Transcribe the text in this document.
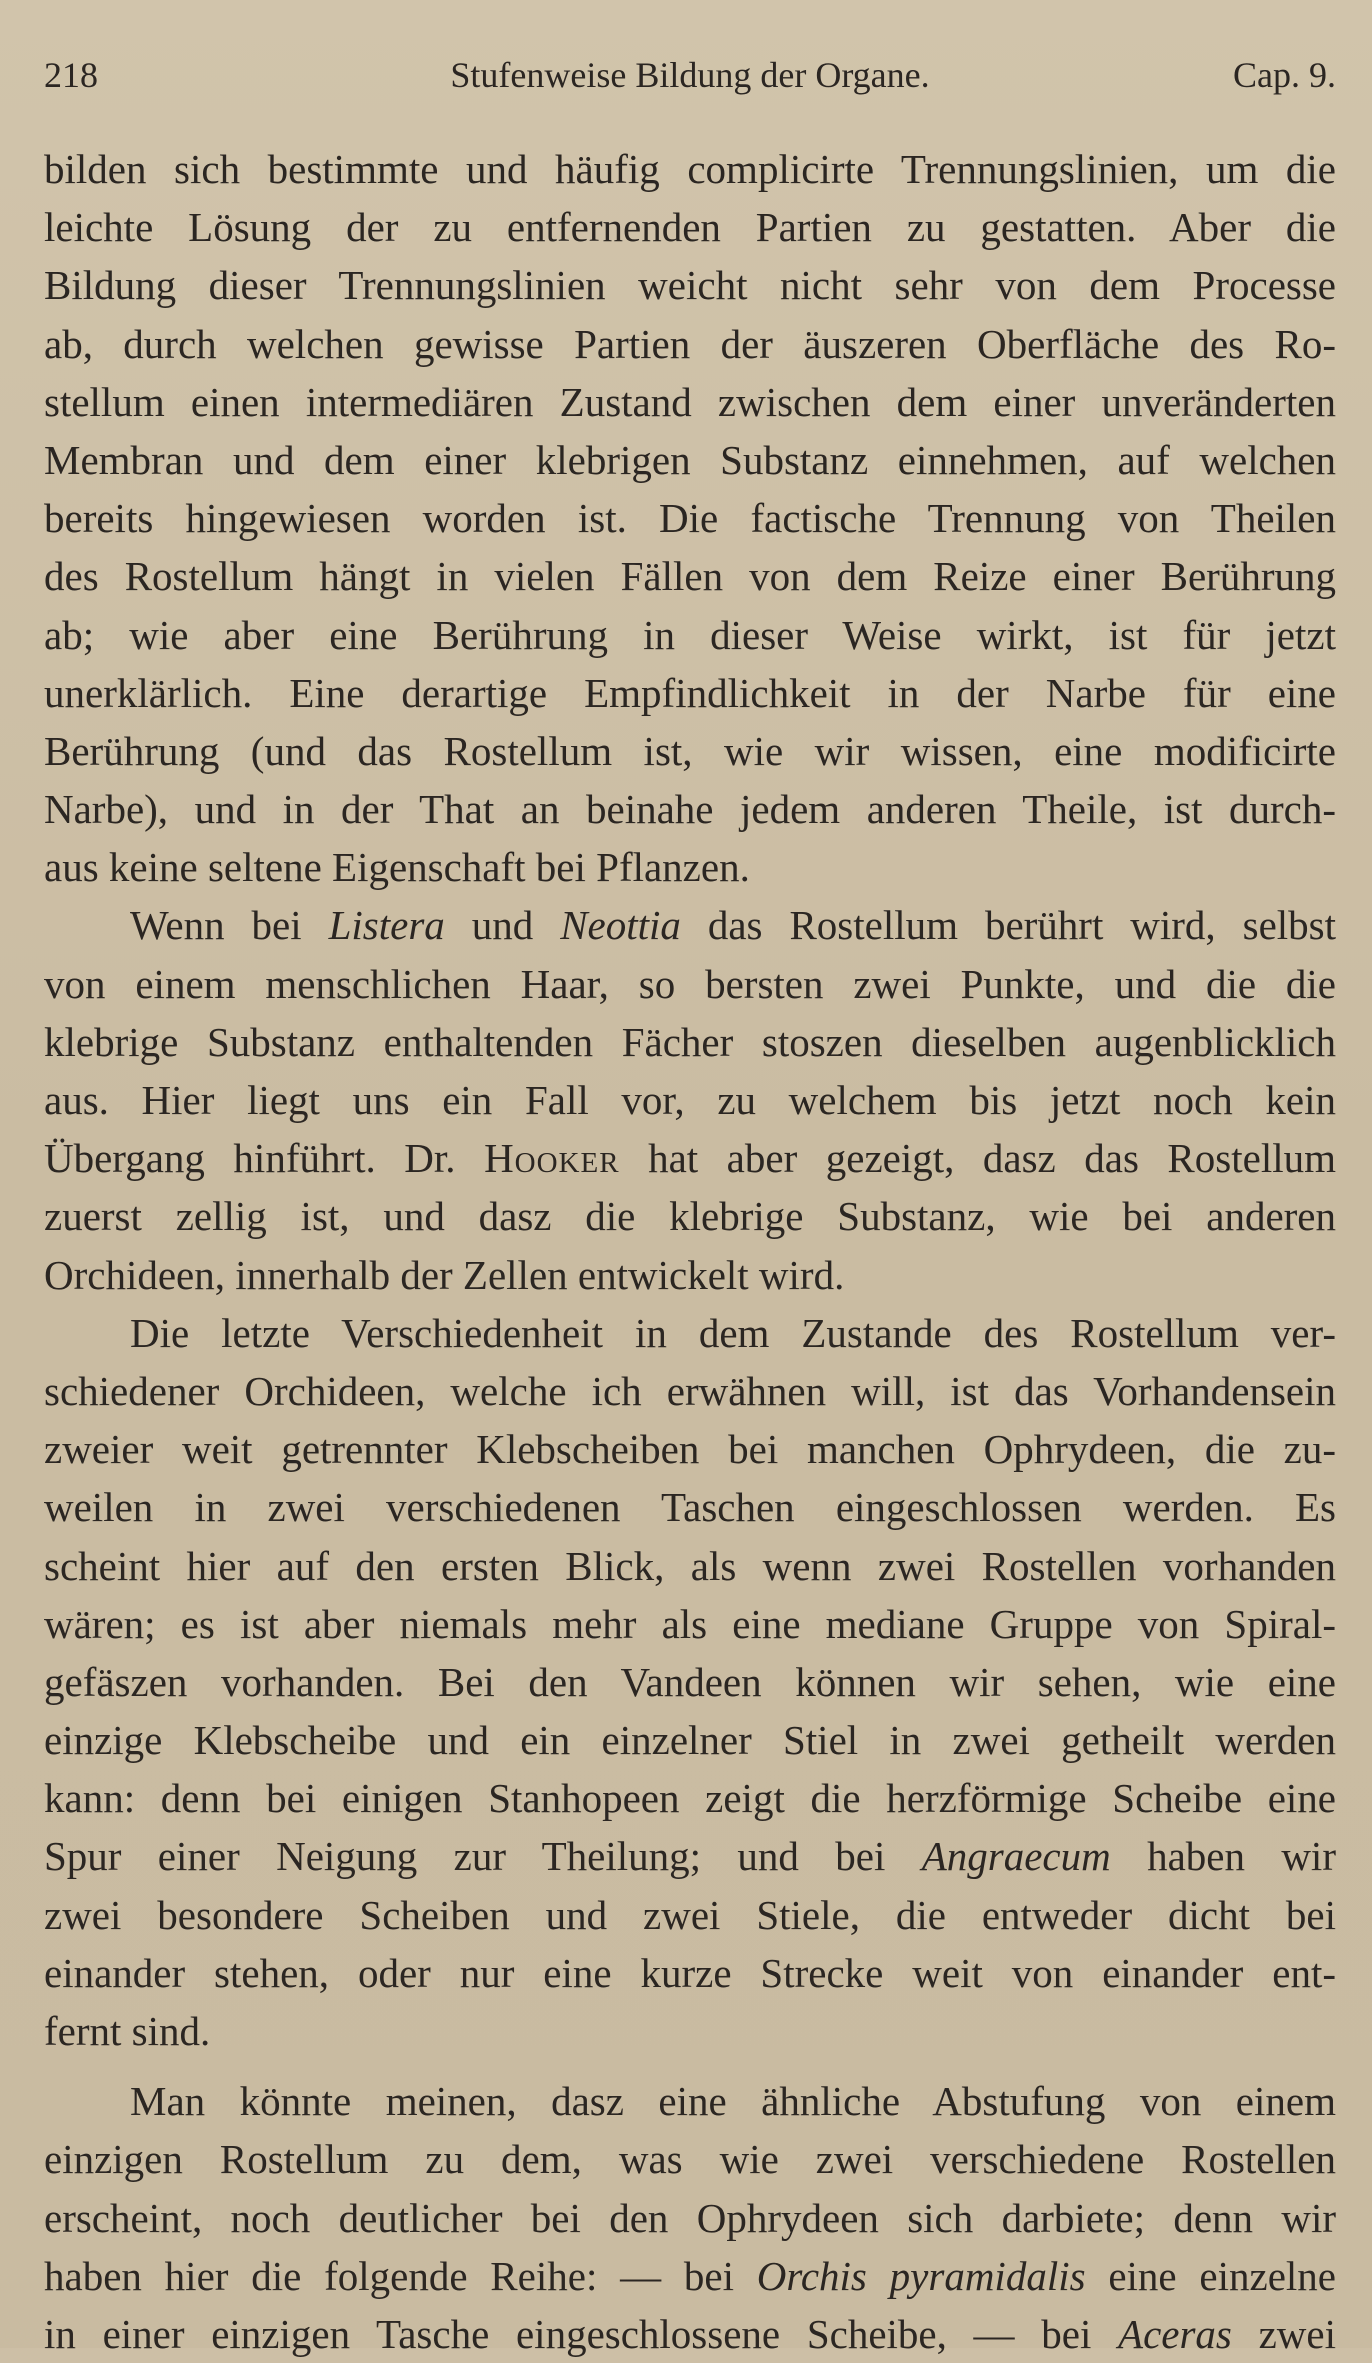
218	Stufenweise Bildung der Organe.	Cap. 9.
bilden sich bestimmte und häufig complicirte Trennungslinien, um die
leichte Lösung der zu entfernenden Partien zu gestatten. Aber die
Bildung dieser Trennungslinien weicht nicht sehr von dem Processe
ab, durch welchen gewisse Partien der äuszeren Oberfläche des Ro-
stellum einen intermediären Zustand zwischen dem einer unveränderten
Membran und dem einer klebrigen Substanz einnehmen, auf welchen
bereits hingewiesen worden ist. Die factische Trennung von Theilen
des Rostellum hängt in vielen Fällen von dem Reize einer Berührung
ab; wie aber eine Berührung in dieser Weise wirkt, ist für jetzt
unerklärlich. Eine derartige Empfindlichkeit in der Narbe für eine
Berührung (und das Rostellum ist, wie wir wissen, eine modificirte
Narbe), und in der That an beinahe jedem anderen Theile, ist durch-
aus keine seltene Eigenschaft bei Pflanzen.
Wenn bei Listera und Neottia das Rostellum berührt wird, selbst
von einem menschlichen Haar, so bersten zwei Punkte, und die die
klebrige Substanz enthaltenden Fächer stoszen dieselben augenblicklich
aus. Hier liegt uns ein Fall vor, zu welchem bis jetzt noch kein
Übergang hinführt. Dr. Hooker hat aber gezeigt, dasz das Rostellum
zuerst zellig ist, und dasz die klebrige Substanz, wie bei anderen
Orchideen, innerhalb der Zellen entwickelt wird.
Die letzte Verschiedenheit in dem Zustande des Rostellum ver-
schiedener Orchideen, welche ich erwähnen will, ist das Vorhandensein
zweier weit getrennter Klebscheiben bei manchen Ophrydeen, die zu-
weilen in zwei verschiedenen Taschen eingeschlossen werden. Es
scheint hier auf den ersten Blick, als wenn zwei Rostellen vorhanden
wären; es ist aber niemals mehr als eine mediane Gruppe von Spiral-
gefäszen vorhanden. Bei den Vandeen können wir sehen, wie eine
einzige Klebscheibe und ein einzelner Stiel in zwei getheilt werden
kann: denn bei einigen Stanhopeen zeigt die herzförmige Scheibe eine
Spur einer Neigung zur Theilung; und bei Angraecum haben wir
zwei besondere Scheiben und zwei Stiele, die entweder dicht bei
einander stehen, oder nur eine kurze Strecke weit von einander ent-
fernt sind.
Man könnte meinen, dasz eine ähnliche Abstufung von einem
einzigen Rostellum zu dem, was wie zwei verschiedene Rostellen
erscheint, noch deutlicher bei den Ophrydeen sich darbiete; denn wir
haben hier die folgende Reihe: — bei Orchis pyramidalis eine einzelne
in einer einzigen Tasche eingeschlossene Scheibe, — bei Aceras zwei
